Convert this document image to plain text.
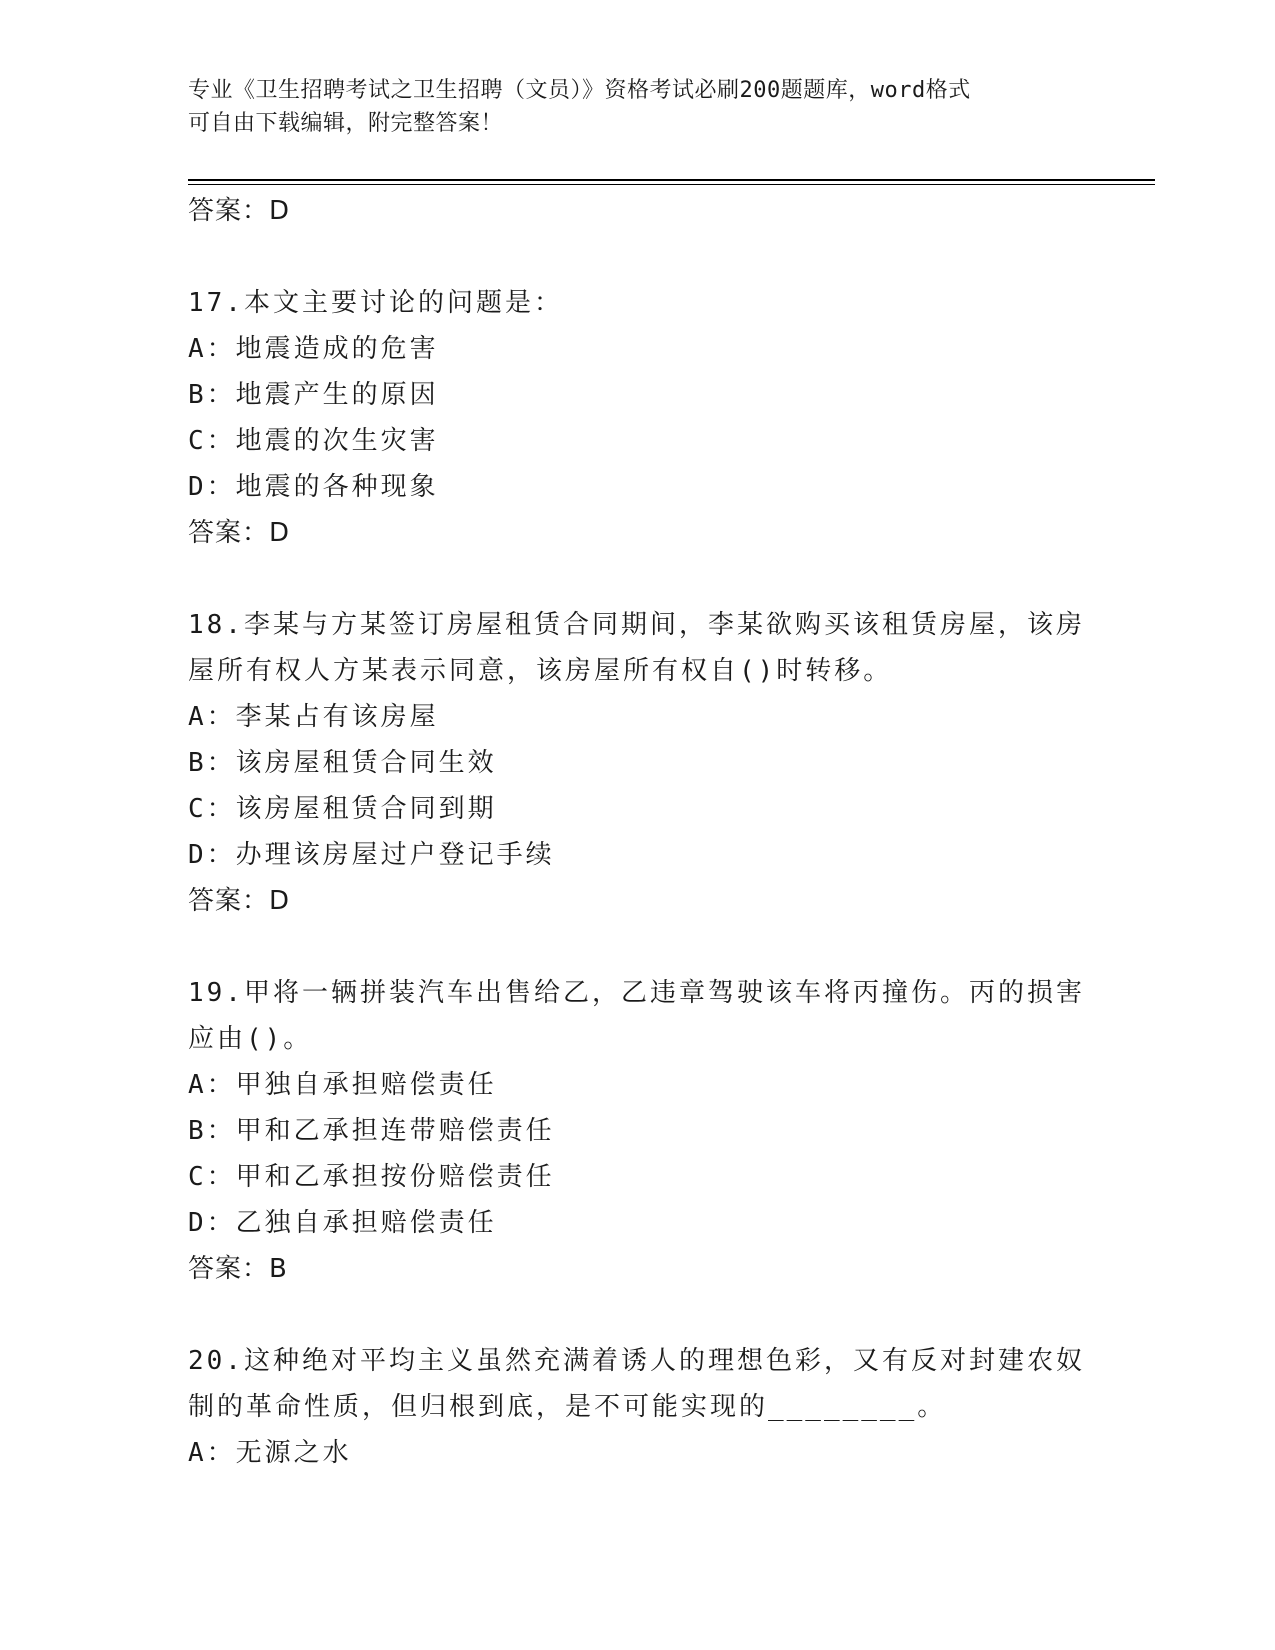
专业《卫生招聘考试之卫生招聘（文员）》资格考试必刷200题题库，word格式
可自由下载编辑，附完整答案！
答案：D
17.本文主要讨论的问题是：
A：地震造成的危害
B：地震产生的原因
C：地震的次生灾害
D：地震的各种现象
答案：D
18.李某与方某签订房屋租赁合同期间，李某欲购买该租赁房屋，该房屋所有权人方某表示同意，该房屋所有权自()时转移。
A：李某占有该房屋
B：该房屋租赁合同生效
C：该房屋租赁合同到期
D：办理该房屋过户登记手续
答案：D
19.甲将一辆拼装汽车出售给乙，乙违章驾驶该车将丙撞伤。丙的损害应由()。
A：甲独自承担赔偿责任
B：甲和乙承担连带赔偿责任
C：甲和乙承担按份赔偿责任
D：乙独自承担赔偿责任
答案：B
20.这种绝对平均主义虽然充满着诱人的理想色彩，又有反对封建农奴制的革命性质，但归根到底，是不可能实现的________。
A：无源之水
